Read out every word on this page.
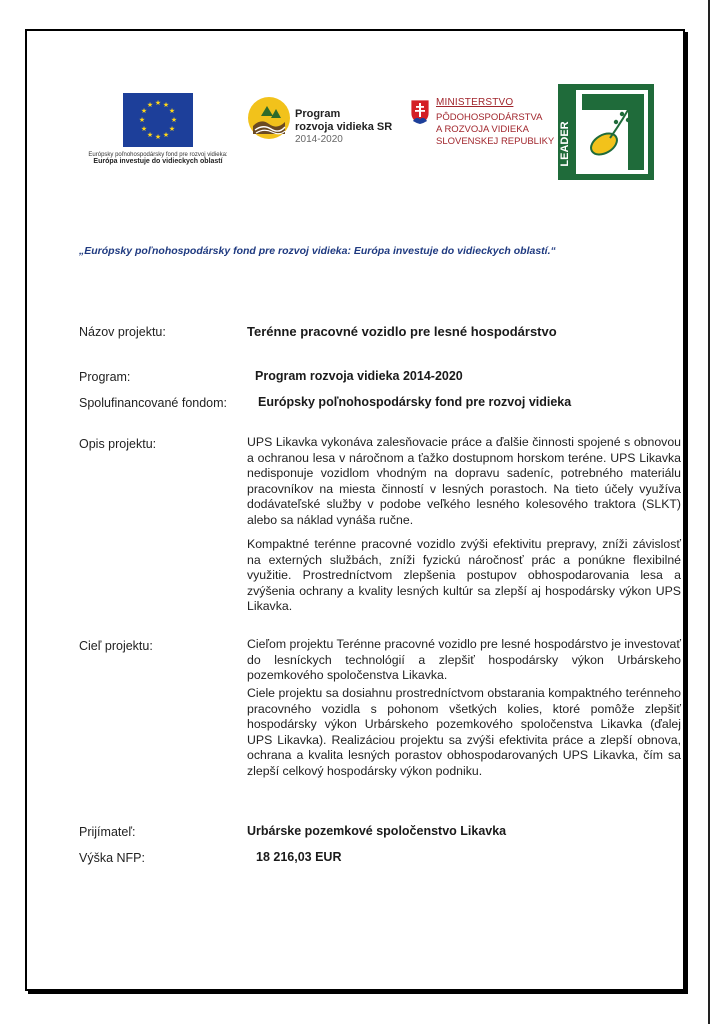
★ ★
★
★
★
★
★
★
★
★
★
★
Európsky poľnohospodársky fond pre rozvoj vidieka:
Európa investuje do vidieckych oblastí
Program
rozvoja vidieka SR
2014-2020
MINISTERSTVO
PÔDOHOSPODÁRSTVA
A ROZVOJA VIDIEKA
SLOVENSKEJ REPUBLIKY LEADER
„Európsky poľnohospodársky fond pre rozvoj vidieka: Európa investuje do vidieckych oblastí.“
Názov projektu:	Terénne pracovné vozidlo pre lesné hospodárstvo
Program:	Program rozvoja vidieka 2014-2020
Spolufinancované fondom: Európsky poľnohospodársky fond pre rozvoj vidieka
Opis projektu:	UPS Likavka vykonáva zalesňovacie práce a ďalšie činnosti spojené s obnovou a ochranou lesa v náročnom a ťažko dostupnom horskom teréne. UPS Likavka nedisponuje vozidlom vhodným na dopravu sadeníc, potrebného materiálu pracovníkov na miesta činností v lesných porastoch. Na tieto účely využíva dodávateľské služby v podobe veľkého lesného kolesového traktora (SLKT) alebo sa náklad vynáša ručne.

Kompaktné terénne pracovné vozidlo zvýši efektivitu prepravy, zníži závislosť na externých službách, zníži fyzickú náročnosť prác a ponúkne flexibilné využitie. Prostredníctvom zlepšenia postupov obhospodarovania lesa a zvýšenia ochrany a kvality lesných kultúr sa zlepší aj hospodársky výkon UPS Likavka.

Cieľ projektu:	Cieľom projektu Terénne pracovné vozidlo pre lesné hospodárstvo je investovať do lesníckych technológií a zlepšiť hospodársky výkon Urbárskeho pozemkového spoločenstva Likavka.

Ciele projektu sa dosiahnu prostredníctvom obstarania kompaktného terénneho pracovného vozidla s pohonom všetkých kolies, ktoré pomôže zlepšiť hospodársky výkon Urbárskeho pozemkového spoločenstva Likavka (ďalej UPS Likavka). Realizáciou projektu sa zvýši efektivita práce a zlepší obnova, ochrana a kvalita lesných porastov obhospodarovaných UPS Likavka, čím sa zlepší celkový hospodársky výkon podniku.

Prijímateľ:	Urbárske pozemkové spoločenstvo Likavka
Výška NFP:	18 216,03 EUR
